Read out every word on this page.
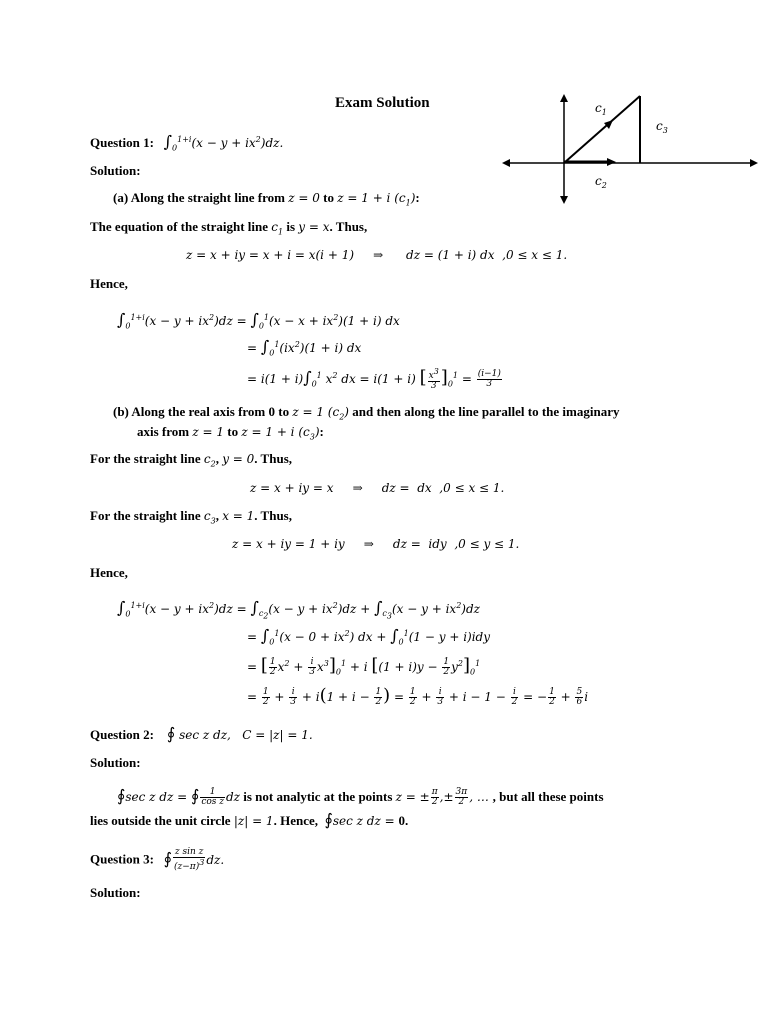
Exam Solution	$c_1$
$c_3$
$c_2$
Question 1: $\int_0^{1+i}(x - y + ix^2)dz$.
Solution:
(a) Along the straight line from z = 0 to z = 1 + i $(c_1)$:
The equation of the straight line $c_1$ is y = x. Thus,
z = x + iy = x + i = x(i + 1)     ⇒      dz = (1 + i) dx  ,0 ≤ x ≤ 1.
Hence,
$\int_0^{1+i}(x - y + ix^2)dz = \int_0^1(x - x + ix^2)(1 + i)$ dx
= $\int_0^1(ix^2)(1 + i)$ dx
= $i(1 + i)\int_0^1$ $x^2$ dx = i(1 + i) [ $\frac{x^3}{3} ]_0^1 = \frac{(i-1)}{3}$
(b) Along the real axis from 0 to z = 1 $(c_2)$ and then along the line parallel to the imaginary
axis from z = 1 to z = 1 + i $(c_3)$:
For the straight line $c_2$, y = 0. Thus,
z = x + iy = x     ⇒     dz =  dx  ,0 ≤ x ≤ 1.
For the straight line $c_3$, x = 1. Thus,
z = x + iy = 1 + iy     ⇒     dz =  idy  ,0 ≤ y ≤ 1.
Hence,
$\int_0^{1+i}(x - y + ix^2)dz = \int_{c_2}(x - y + ix^2)dz + \int_{c_3}(x - y + ix^2)dz$
= $\int_0^1(x - 0 + ix^2)$ dx + $\int_0^1(1 - y + i)idy$
= [ $\frac{1}{2} x^2 + \frac{i}{3} x^3]_0^1 + i$ $[(1 + i)y - \frac{1}{2} y^2]_0^1$
= $\frac{1}{2} + \frac{i}{3} + i(1 + i - \frac{1}{2}$ ) = $\frac{1}{2} + \frac{i}{3} + i - 1 - \frac{i}{2}$ = − $\frac{1}{2} + \frac{5}{6}$ i
Question 2: ∮ sec z dz,   C = |z| = 1.
Solution:
∮sec z dz = ∮ $\frac{1}{\text{cos z}}$ dz is not analytic at the points z = ± $\frac{\pi}{2}$ ,± $\frac{3\pi}{2}$ , … , but all these points
lies outside the unit circle |z| = 1. Hence, ∮sec z dz = 0.
Question 3: ∮ $\frac{\text{z sin z}}{(z-\pi)^3}$ dz.
Solution:
